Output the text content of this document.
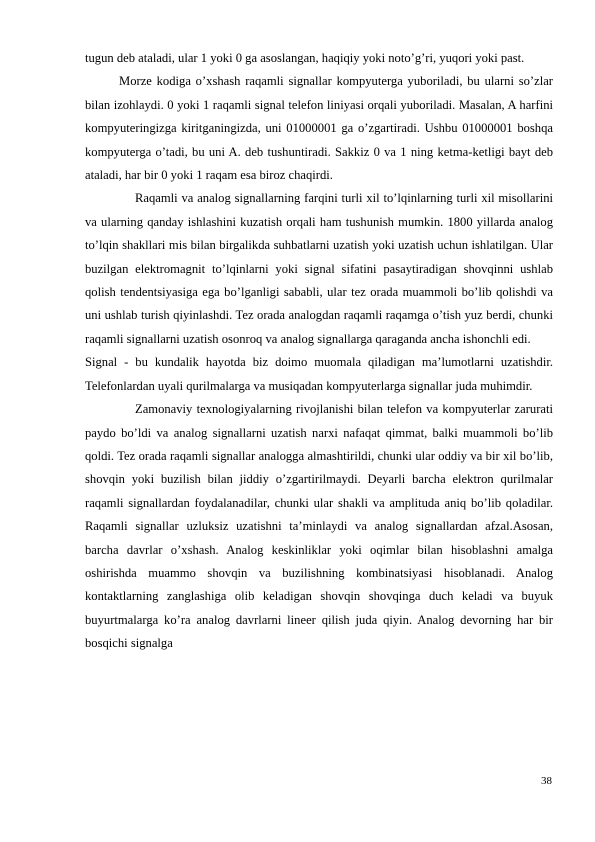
tugun deb ataladi, ular 1 yoki 0 ga asoslangan, haqiqiy yoki noto’g’ri, yuqori yoki past.

Morze kodiga o’xshash raqamli signallar kompyuterga yuboriladi, bu ularni so’zlar bilan izohlaydi. 0 yoki 1 raqamli signal telefon liniyasi orqali yuboriladi. Masalan, A harfini kompyuteringizga kiritganingizda, uni 01000001 ga o’zgartiradi. Ushbu 01000001 boshqa kompyuterga o’tadi, bu uni A. deb tushuntiradi. Sakkiz 0 va 1 ning ketma-ketligi bayt deb ataladi, har bir 0 yoki 1 raqam esa biroz chaqirdi.

Raqamli va analog signallarning farqini turli xil to’lqinlarning turli xil misollarini va ularning qanday ishlashini kuzatish orqali ham tushunish mumkin. 1800 yillarda analog to’lqin shakllari mis bilan birgalikda suhbatlarni uzatish yoki uzatish uchun ishlatilgan. Ular buzilgan elektromagnit to’lqinlarni yoki signal sifatini pasaytiradigan shovqinni ushlab qolish tendentsiyasiga ega bo’lganligi sababli, ular tez orada muammoli bo’lib qolishdi va uni ushlab turish qiyinlashdi. Tez orada analogdan raqamli raqamga o’tish yuz berdi, chunki raqamli signallarni uzatish osonroq va analog signallarga qaraganda ancha ishonchli edi.

Signal - bu kundalik hayotda biz doimo muomala qiladigan ma’lumotlarni uzatishdir. Telefonlardan uyali qurilmalarga va musiqadan kompyuterlarga signallar juda muhimdir.

Zamonaviy texnologiyalarning rivojlanishi bilan telefon va kompyuterlar zarurati paydo bo’ldi va analog signallarni uzatish narxi nafaqat qimmat, balki muammoli bo’lib qoldi. Tez orada raqamli signallar analogga almashtirildi, chunki ular oddiy va bir xil bo’lib, shovqin yoki buzilish bilan jiddiy o’zgartirilmaydi. Deyarli barcha elektron qurilmalar raqamli signallardan foydalanadilar, chunki ular shakli va amplituda aniq bo’lib qoladilar. Raqamli signallar uzluksiz uzatishni ta’minlaydi va analog signallardan afzal.Asosan, barcha davrlar o’xshash. Analog keskinliklar yoki oqimlar bilan hisoblashni amalga oshirishda muammo shovqin va buzilishning kombinatsiyasi hisoblanadi. Analog kontaktlarning zanglashiga olib keladigan shovqin shovqinga duch keladi va buyuk buyurtmalarga ko’ra analog davrlarni lineer qilish juda qiyin. Analog devorning har bir bosqichi signalga

38
